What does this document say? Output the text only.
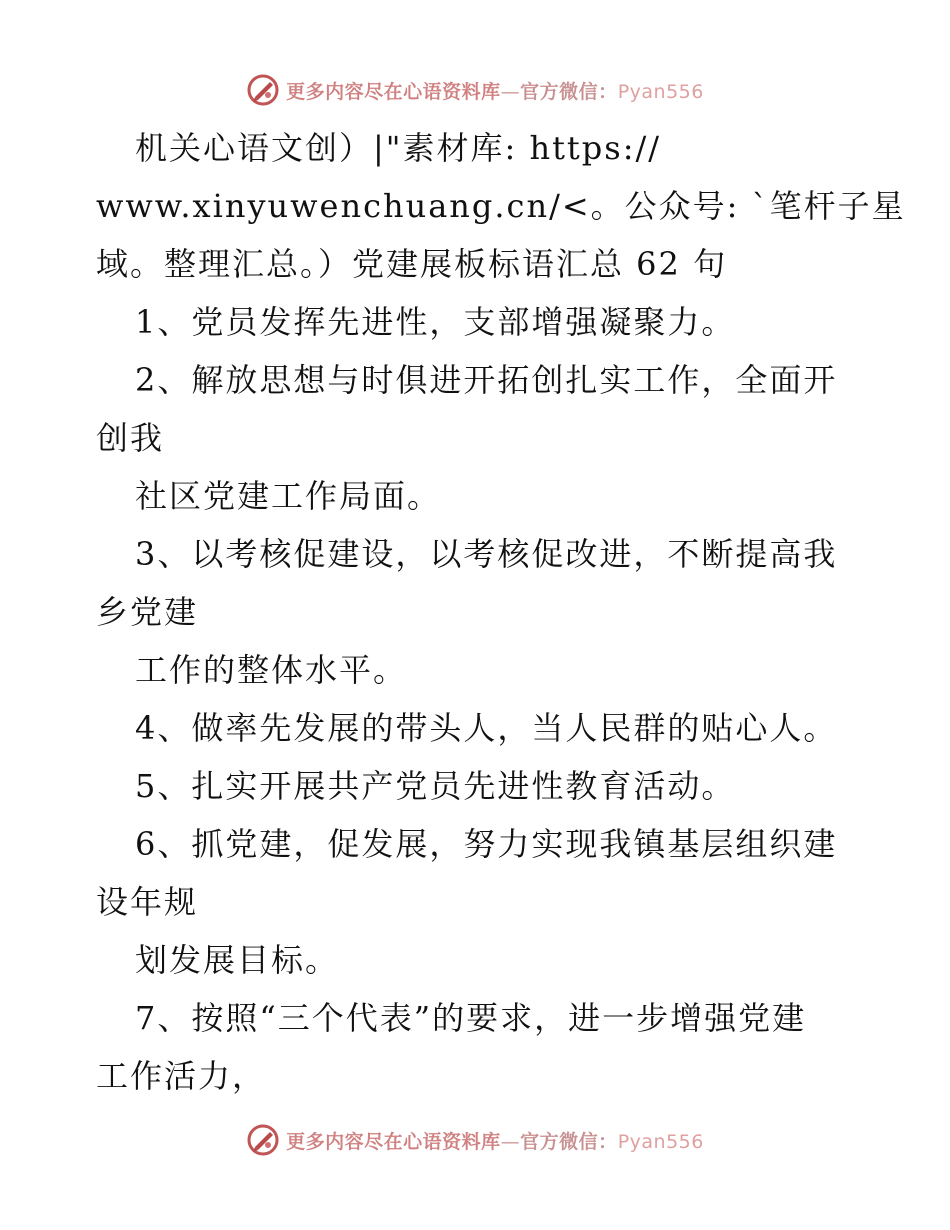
更多内容尽在心语资料库—官方微信：Pyan556
机关心语文创）|"素材库: https://
www.xinyuwenchuang.cn/<。公众号: `笔杆子星
域。整理汇总。）党建展板标语汇总 62 句
1、党员发挥先进性，支部增强凝聚力。
2、解放思想与时俱进开拓创扎实工作，全面开
创我
社区党建工作局面。
3、以考核促建设，以考核促改进，不断提高我
乡党建
工作的整体水平。
4、做率先发展的带头人，当人民群的贴心人。
5、扎实开展共产党员先进性教育活动。
6、抓党建，促发展，努力实现我镇基层组织建
设年规
划发展目标。
7、按照“三个代表”的要求，进一步增强党建
工作活力，
更多内容尽在心语资料库—官方微信：Pyan556
